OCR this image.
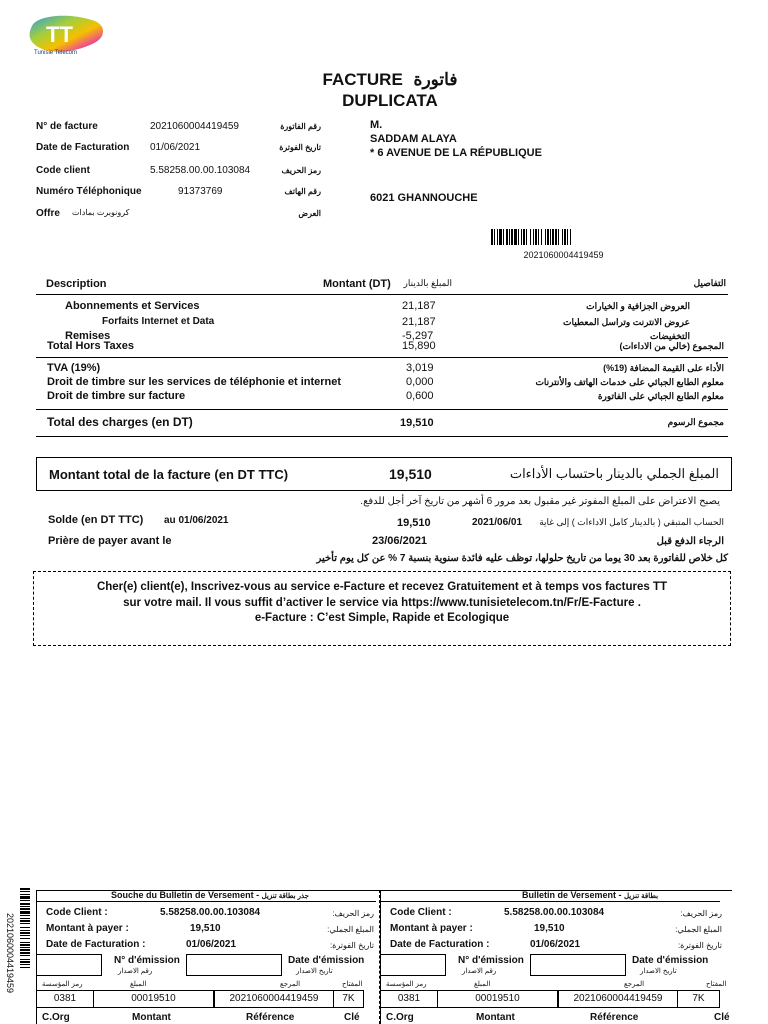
TT
Tunisie Telecom
FACTURE فاتورة
DUPLICATA
N° de facture	2021060004419459	رقم الفاتورة
Date de Facturation 01/06/2021	تاريخ الفوترة
Code client	5.58258.00.00.103084	رمز الحريف
Numéro Téléphonique	91373769	رقم الهاتف
Offre كرونوبرت بمادات	العرض
M.
SADDAM ALAYA
* 6 AVENUE DE LA RÉPUBLIQUE
6021 GHANNOUCHE
2021060004419459
Description	Montant (DT)	المبلغ بالدينار	التفاصيل
Abonnements et Services	21,187	العروض الجزافية و الخيارات
Forfaits Internet et Data	21,187	عروض الانترنت وتراسل المعطيات
Remises	-5,297	التخفيضات
Total Hors Taxes	15,890	المجموع (خالي من الاداءات)
TVA (19%)	3,019	الأداء على القيمة المضافة (19%)
Droit de timbre sur les services de téléphonie et internet	0,000	معلوم الطابع الجبائي على خدمات الهاتف والأنترنات
Droit de timbre sur facture	0,600	معلوم الطابع الجبائي على الفاتورة
Total des charges (en DT)	19,510	مجموع الرسوم
Montant total de la facture (en DT TTC)	19,510	المبلغ الجملي بالدينار باحتساب الأداءات
يصبح الاعتراض على المبلغ المفوتر غير مقبول بعد مرور 6 أشهر من تاريخ آخر أجل للدفع.
Solde (en DT TTC) au 01/06/2021	19,510	2021/06/01	الحساب المتبقي ( بالدينار كامل الاداءات ) إلى غاية
Prière de payer avant le	23/06/2021	الرجاء الدفع قبل
كل خلاص للفاتورة بعد 30 يوما من تاريخ حلولها، توظف عليه فائدة سنوية بنسبة 7 % عن كل يوم تأخير
Cher(e) client(e), Inscrivez-vous au service e-Facture et recevez Gratuitement et à temps vos factures TT
sur votre mail. Il vous suffit d’activer le service via https://www.tunisietelecom.tn/Fr/E-Facture .
e-Facture : C’est Simple, Rapide et Ecologique
2021060004419459
Souche du Bulletin de Versement - جذر بطاقة تنزيل
Code Client :	5.58258.00.00.103084	رمز الحريف:
Montant à payer :	19,510	المبلغ الجملي:
Date de Facturation :	01/06/2021	تاريخ الفوترة:
N° d'émission
رقم الاصدار
Date d'émission
تاريخ الاصدار
رمز المؤسسة	المبلغ	المرجع	المفتاح
0381	00019510	2021060004419459	7K
C.Org	Montant	Référence	Clé
Bulletin de Versement - بطاقة تنزيل
Code Client :	5.58258.00.00.103084	رمز الحريف:
Montant à payer :	19,510	المبلغ الجملي:
Date de Facturation :	01/06/2021	تاريخ الفوترة:
N° d'émission
رقم الاصدار
Date d'émission
تاريخ الاصدار
رمز المؤسسة	المبلغ	المرجع	المفتاح
0381	00019510	2021060004419459	7K
C.Org	Montant	Référence	Clé
